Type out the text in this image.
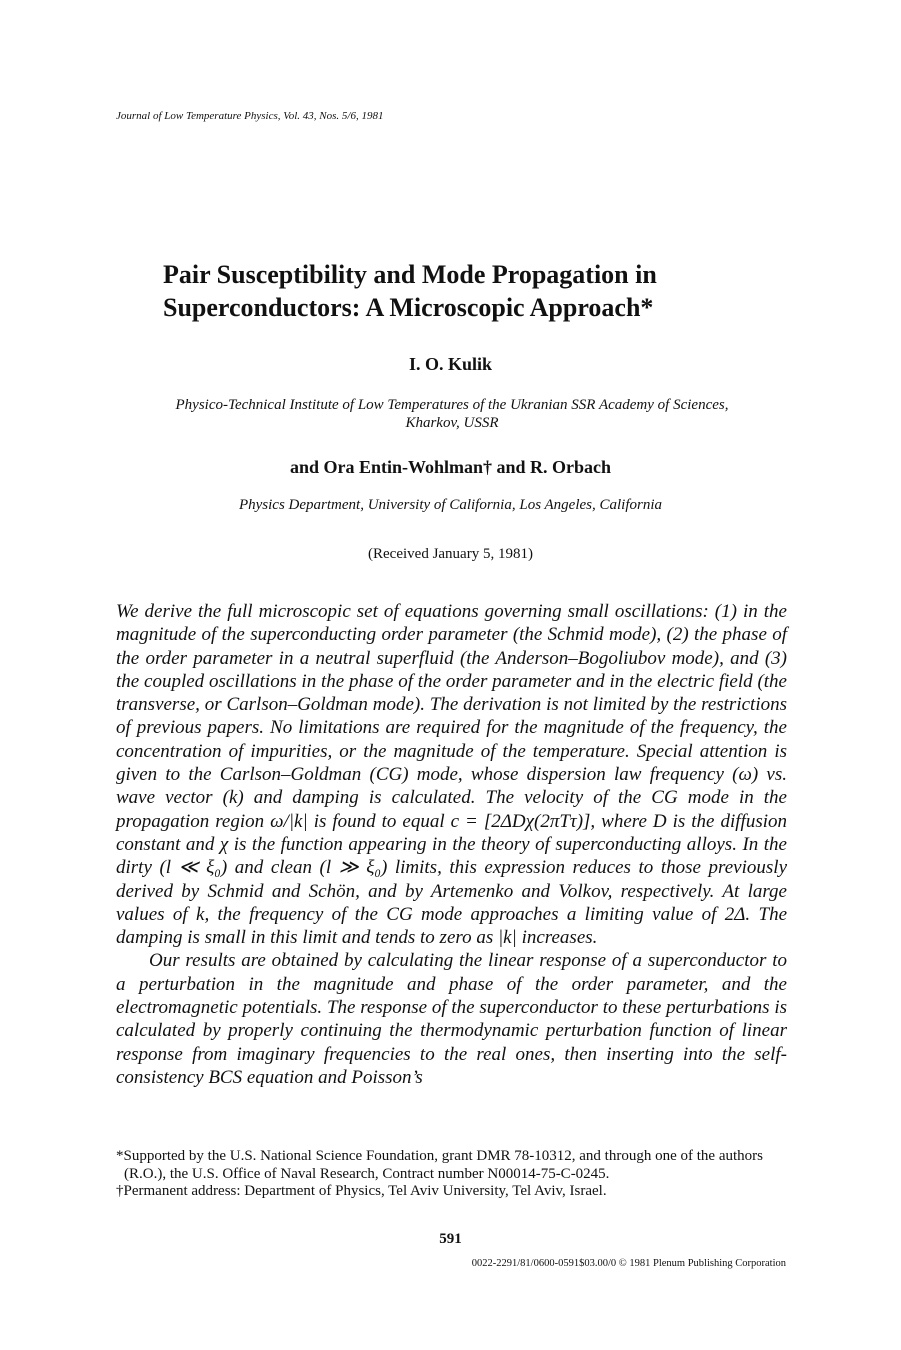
Journal of Low Temperature Physics, Vol. 43, Nos. 5/6, 1981
Pair Susceptibility and Mode Propagation in
Superconductors: A Microscopic Approach*
I. O. Kulik
Physico-Technical Institute of Low Temperatures of the Ukranian SSR Academy of Sciences,
Kharkov, USSR
and Ora Entin-Wohlman† and R. Orbach
Physics Department, University of California, Los Angeles, California
(Received January 5, 1981)

We derive the full microscopic set of equations governing small oscillations: (1) in the magnitude of the superconducting order parameter (the Schmid mode), (2) the phase of the order parameter in a neutral superfluid (the Anderson–Bogoliubov mode), and (3) the coupled oscillations in the phase of the order parameter and in the electric field (the transverse, or Carlson–Goldman mode). The derivation is not limited by the restrictions of previous papers. No limitations are required for the magnitude of the frequency, the concentration of impurities, or the magnitude of the temperature. Special attention is given to the Carlson–Goldman (CG) mode, whose dispersion law frequency (ω) vs. wave vector (k) and damping is calculated. The velocity of the CG mode in the propagation region ω/|k| is found to equal c = [2ΔDχ(2πTτ)], where D is the diffusion constant and χ is the function appearing in the theory of superconducting alloys. In the dirty (l ≪ ξ₀) and clean (l ≫ ξ₀) limits, this expression reduces to those previously derived by Schmid and Schön, and by Artemenko and Volkov, respectively. At large values of k, the frequency of the CG mode approaches a limiting value of 2Δ. The damping is small in this limit and tends to zero as |k| increases.

Our results are obtained by calculating the linear response of a superconductor to a perturbation in the magnitude and phase of the order parameter, and the electromagnetic potentials. The response of the superconductor to these perturbations is calculated by properly continuing the thermodynamic perturbation function of linear response from imaginary frequencies to the real ones, then inserting into the self-consistency BCS equation and Poisson’s

*Supported by the U.S. National Science Foundation, grant DMR 78-10312, and through one of the authors (R.O.), the U.S. Office of Naval Research, Contract number N00014-75-C-0245.

†Permanent address: Department of Physics, Tel Aviv University, Tel Aviv, Israel.

591
0022-2291/81/0600-0591$03.00/0 © 1981 Plenum Publishing Corporation
